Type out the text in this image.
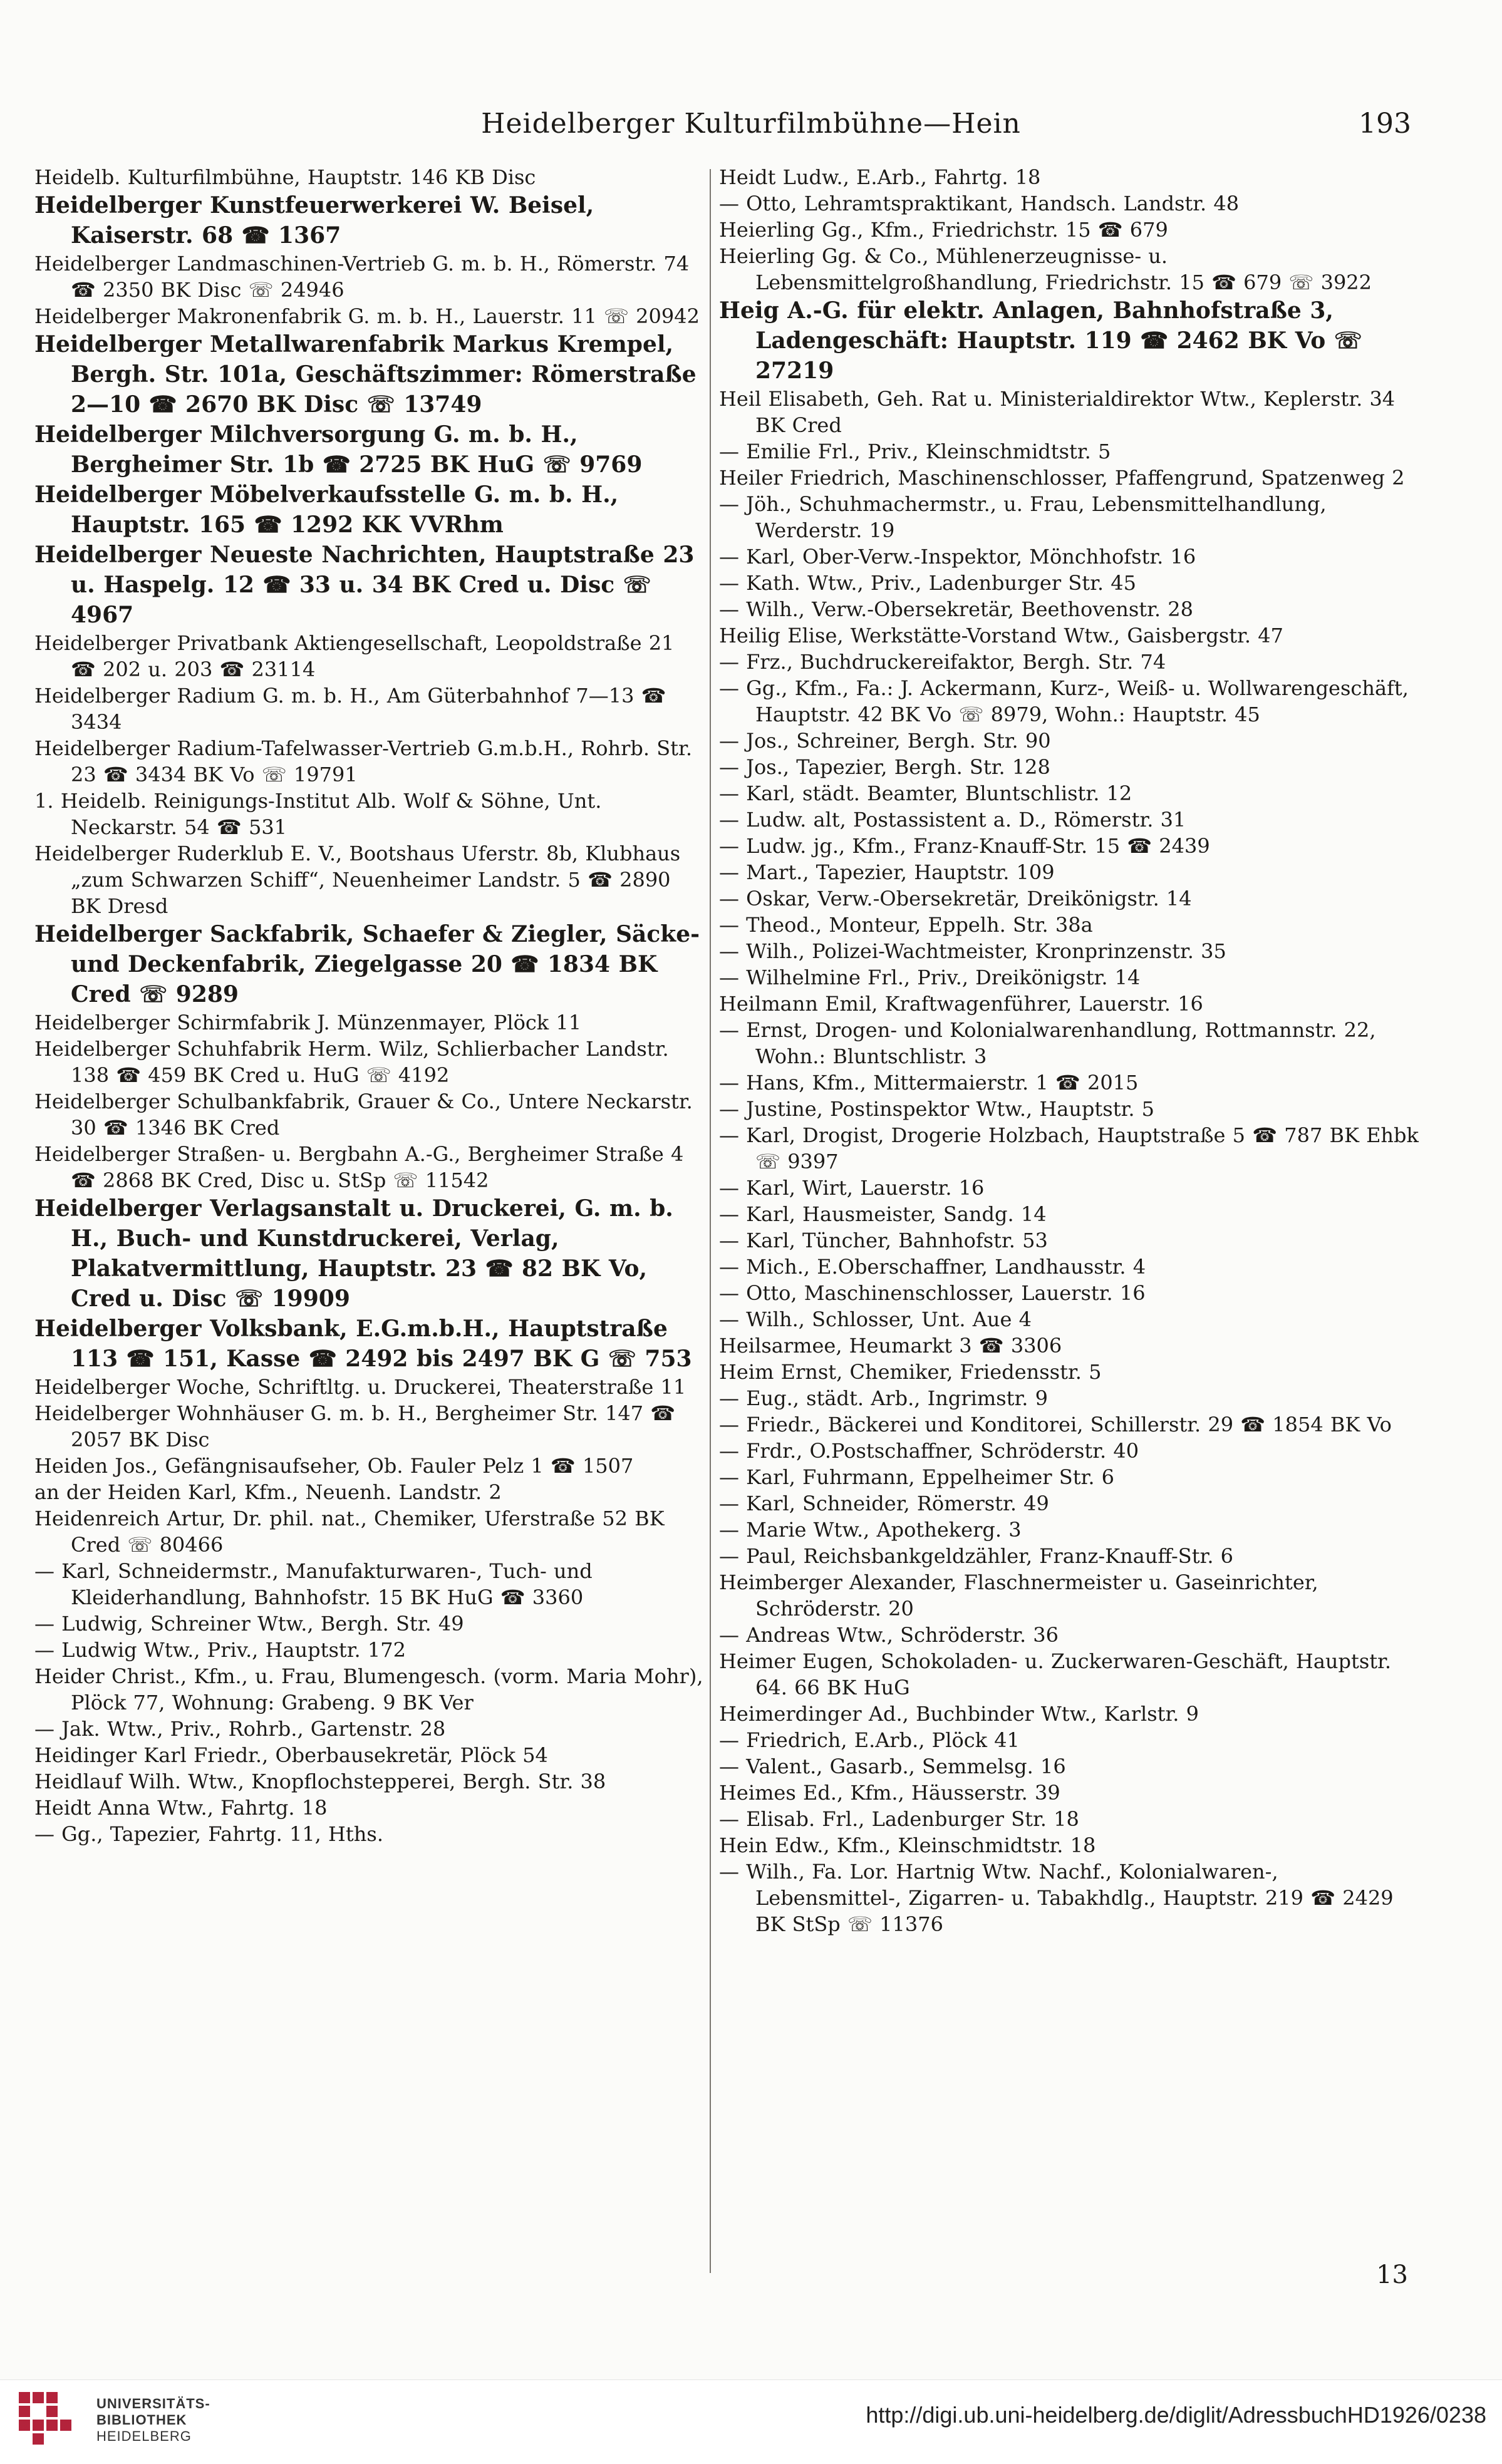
Heidelberger Kulturfilmbühne—Hein	193

Heidelb. Kulturfilmbühne, Hauptstr. 146 KB Disc

Heidelberger Kunstfeuerwerkerei W. Beisel, Kaiserstr. 68 ☎ 1367

Heidelberger Landmaschinen-Vertrieb G. m. b. H., Römerstr. 74 ☎ 2350 BK Disc ☏ 24946

Heidelberger Makronenfabrik G. m. b. H., Lauerstr. 11 ☏ 20942

Heidelberger Metallwarenfabrik Markus Krempel, Bergh. Str. 101a, Geschäftszimmer: Römerstraße 2—10 ☎ 2670 BK Disc ☏ 13749

Heidelberger Milchversorgung G. m. b. H., Bergheimer Str. 1b ☎ 2725 BK HuG ☏ 9769

Heidelberger Möbelverkaufsstelle G. m. b. H., Hauptstr. 165 ☎ 1292 KK VVRhm

Heidelberger Neueste Nachrichten, Hauptstraße 23 u. Haspelg. 12 ☎ 33 u. 34 BK Cred u. Disc ☏ 4967

Heidelberger Privatbank Aktiengesellschaft, Leopoldstraße 21 ☎ 202 u. 203 ☎ 23114

Heidelberger Radium G. m. b. H., Am Güterbahnhof 7—13 ☎ 3434

Heidelberger Radium-Tafelwasser-Vertrieb G.m.b.H., Rohrb. Str. 23 ☎ 3434 BK Vo ☏ 19791

1. Heidelb. Reinigungs-Institut Alb. Wolf & Söhne, Unt. Neckarstr. 54 ☎ 531

Heidelberger Ruderklub E. V., Bootshaus Uferstr. 8b, Klubhaus „zum Schwarzen Schiff“, Neuenheimer Landstr. 5 ☎ 2890 BK Dresd

Heidelberger Sackfabrik, Schaefer & Ziegler, Säcke- und Deckenfabrik, Ziegelgasse 20 ☎ 1834 BK Cred ☏ 9289

Heidelberger Schirmfabrik J. Münzenmayer, Plöck 11

Heidelberger Schuhfabrik Herm. Wilz, Schlierbacher Landstr. 138 ☎ 459 BK Cred u. HuG ☏ 4192

Heidelberger Schulbankfabrik, Grauer & Co., Untere Neckarstr. 30 ☎ 1346 BK Cred

Heidelberger Straßen- u. Bergbahn A.-G., Bergheimer Straße 4 ☎ 2868 BK Cred, Disc u. StSp ☏ 11542

Heidelberger Verlagsanstalt u. Druckerei, G. m. b. H., Buch- und Kunstdruckerei, Verlag, Plakatvermittlung, Hauptstr. 23 ☎ 82 BK Vo, Cred u. Disc ☏ 19909

Heidelberger Volksbank, E.G.m.b.H., Hauptstraße 113 ☎ 151, Kasse ☎ 2492 bis 2497 BK G ☏ 753

Heidelberger Woche, Schriftltg. u. Druckerei, Theaterstraße 11

Heidelberger Wohnhäuser G. m. b. H., Bergheimer Str. 147 ☎ 2057 BK Disc

Heiden Jos., Gefängnisaufseher, Ob. Fauler Pelz 1 ☎ 1507

an der Heiden Karl, Kfm., Neuenh. Landstr. 2

Heidenreich Artur, Dr. phil. nat., Chemiker, Uferstraße 52 BK Cred ☏ 80466

— Karl, Schneidermstr., Manufakturwaren-, Tuch- und Kleiderhandlung, Bahnhofstr. 15 BK HuG ☎ 3360

— Ludwig, Schreiner Wtw., Bergh. Str. 49

— Ludwig Wtw., Priv., Hauptstr. 172

Heider Christ., Kfm., u. Frau, Blumengesch. (vorm. Maria Mohr), Plöck 77, Wohnung: Grabeng. 9 BK Ver

— Jak. Wtw., Priv., Rohrb., Gartenstr. 28

Heidinger Karl Friedr., Oberbausekretär, Plöck 54

Heidlauf Wilh. Wtw., Knopflochstepperei, Bergh. Str. 38

Heidt Anna Wtw., Fahrtg. 18

— Gg., Tapezier, Fahrtg. 11, Hths.

Heidt Ludw., E.Arb., Fahrtg. 18

— Otto, Lehramtspraktikant, Handsch. Landstr. 48

Heierling Gg., Kfm., Friedrichstr. 15 ☎ 679

Heierling Gg. & Co., Mühlenerzeugnisse- u. Lebensmittelgroßhandlung, Friedrichstr. 15 ☎ 679 ☏ 3922

Heig A.-G. für elektr. Anlagen, Bahnhofstraße 3, Ladengeschäft: Hauptstr. 119 ☎ 2462 BK Vo ☏ 27219

Heil Elisabeth, Geh. Rat u. Ministerialdirektor Wtw., Keplerstr. 34 BK Cred

— Emilie Frl., Priv., Kleinschmidtstr. 5

Heiler Friedrich, Maschinenschlosser, Pfaffengrund, Spatzenweg 2

— Jöh., Schuhmachermstr., u. Frau, Lebensmittelhandlung, Werderstr. 19

— Karl, Ober-Verw.-Inspektor, Mönchhofstr. 16

— Kath. Wtw., Priv., Ladenburger Str. 45

— Wilh., Verw.-Obersekretär, Beethovenstr. 28

Heilig Elise, Werkstätte-Vorstand Wtw., Gaisbergstr. 47

— Frz., Buchdruckereifaktor, Bergh. Str. 74

— Gg., Kfm., Fa.: J. Ackermann, Kurz-, Weiß- u. Wollwarengeschäft, Hauptstr. 42 BK Vo ☏ 8979, Wohn.: Hauptstr. 45

— Jos., Schreiner, Bergh. Str. 90

— Jos., Tapezier, Bergh. Str. 128

— Karl, städt. Beamter, Bluntschlistr. 12

— Ludw. alt, Postassistent a. D., Römerstr. 31

— Ludw. jg., Kfm., Franz-Knauff-Str. 15 ☎ 2439

— Mart., Tapezier, Hauptstr. 109

— Oskar, Verw.-Obersekretär, Dreikönigstr. 14

— Theod., Monteur, Eppelh. Str. 38a

— Wilh., Polizei-Wachtmeister, Kronprinzenstr. 35

— Wilhelmine Frl., Priv., Dreikönigstr. 14

Heilmann Emil, Kraftwagenführer, Lauerstr. 16

— Ernst, Drogen- und Kolonialwarenhandlung, Rottmannstr. 22, Wohn.: Bluntschlistr. 3

— Hans, Kfm., Mittermaierstr. 1 ☎ 2015

— Justine, Postinspektor Wtw., Hauptstr. 5

— Karl, Drogist, Drogerie Holzbach, Hauptstraße 5 ☎ 787 BK Ehbk ☏ 9397

— Karl, Wirt, Lauerstr. 16

— Karl, Hausmeister, Sandg. 14

— Karl, Tüncher, Bahnhofstr. 53

— Mich., E.Oberschaffner, Landhausstr. 4

— Otto, Maschinenschlosser, Lauerstr. 16

— Wilh., Schlosser, Unt. Aue 4

Heilsarmee, Heumarkt 3 ☎ 3306

Heim Ernst, Chemiker, Friedensstr. 5

— Eug., städt. Arb., Ingrimstr. 9

— Friedr., Bäckerei und Konditorei, Schillerstr. 29 ☎ 1854 BK Vo

— Frdr., O.Postschaffner, Schröderstr. 40

— Karl, Fuhrmann, Eppelheimer Str. 6

— Karl, Schneider, Römerstr. 49

— Marie Wtw., Apothekerg. 3

— Paul, Reichsbankgeldzähler, Franz-Knauff-Str. 6

Heimberger Alexander, Flaschnermeister u. Gaseinrichter, Schröderstr. 20

— Andreas Wtw., Schröderstr. 36

Heimer Eugen, Schokoladen- u. Zuckerwaren-Geschäft, Hauptstr. 64. 66 BK HuG

Heimerdinger Ad., Buchbinder Wtw., Karlstr. 9

— Friedrich, E.Arb., Plöck 41

— Valent., Gasarb., Semmelsg. 16

Heimes Ed., Kfm., Häusserstr. 39

— Elisab. Frl., Ladenburger Str. 18

Hein Edw., Kfm., Kleinschmidtstr. 18

— Wilh., Fa. Lor. Hartnig Wtw. Nachf., Kolonialwaren-, Lebensmittel-, Zigarren- u. Tabakhdlg., Hauptstr. 219 ☎ 2429 BK StSp ☏ 11376

13
UNIVERSITÄTS-
BIBLIOTHEK
HEIDELBERG
http://digi.ub.uni-heidelberg.de/diglit/AdressbuchHD1926/0238
